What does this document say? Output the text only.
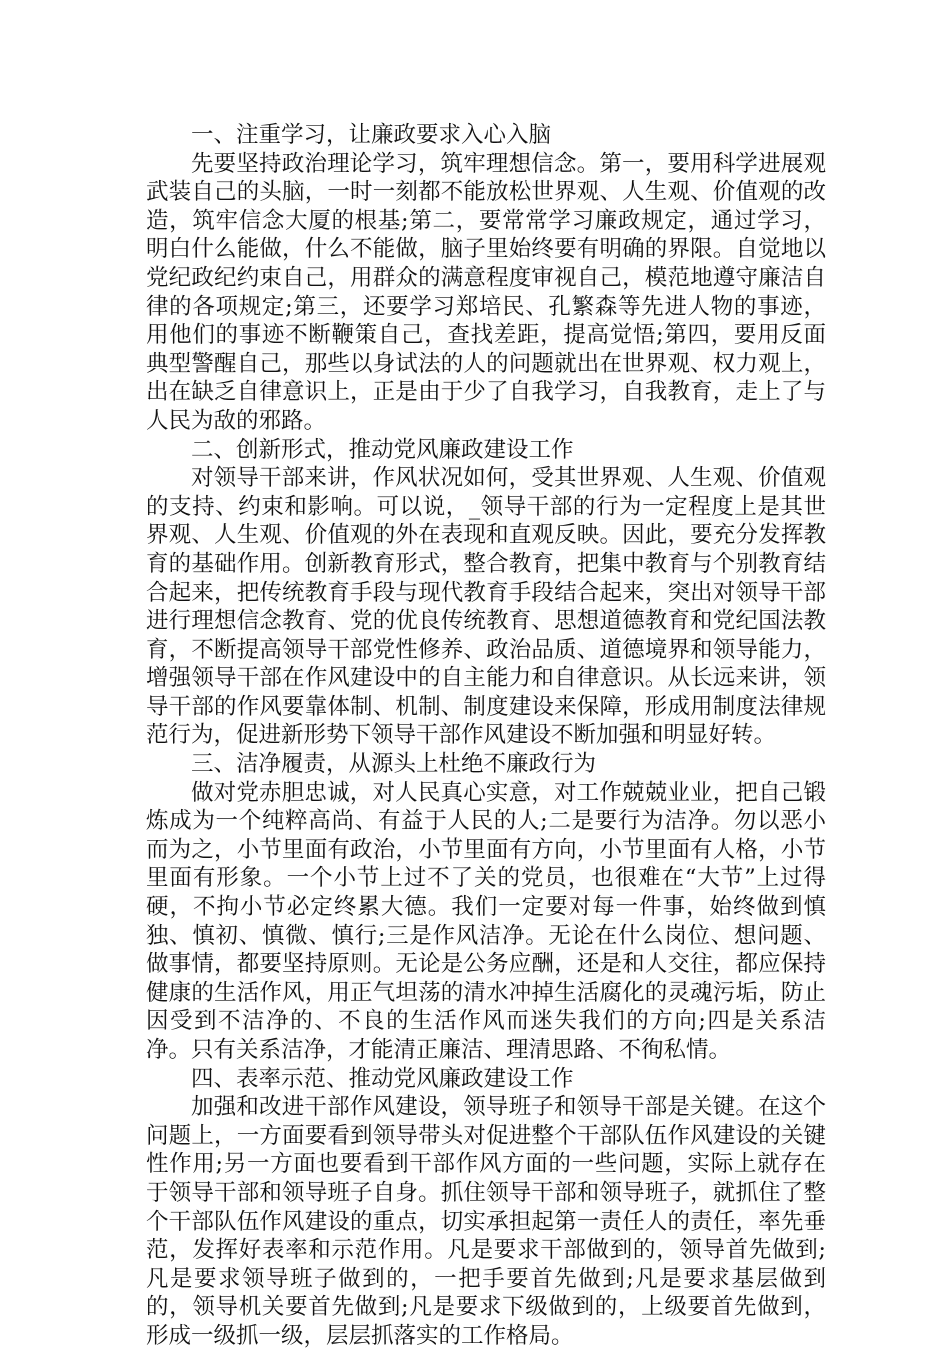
一、注重学习，让廉政要求入心入脑

先要坚持政治理论学习，筑牢理想信念。第一，要用科学进展观武装自己的头脑，一时一刻都不能放松世界观、人生观、价值观的改造，筑牢信念大厦的根基;第二，要常常学习廉政规定，通过学习，明白什么能做，什么不能做，脑子里始终要有明确的界限。自觉地以党纪政纪约束自己，用群众的满意程度审视自己，模范地遵守廉洁自律的各项规定;第三，还要学习郑培民、孔繁森等先进人物的事迹，用他们的事迹不断鞭策自己，查找差距，提高觉悟;第四，要用反面典型警醒自己，那些以身试法的人的问题就出在世界观、权力观上，出在缺乏自律意识上，正是由于少了自我学习，自我教育，走上了与人民为敌的邪路。

二、创新形式，推动党风廉政建设工作

对领导干部来讲，作风状况如何，受其世界观、人生观、价值观的支持、约束和影响。可以说，_领导干部的行为一定程度上是其世界观、人生观、价值观的外在表现和直观反映。因此，要充分发挥教育的基础作用。创新教育形式，整合教育，把集中教育与个别教育结合起来，把传统教育手段与现代教育手段结合起来，突出对领导干部进行理想信念教育、党的优良传统教育、思想道德教育和党纪国法教育，不断提高领导干部党性修养、政治品质、道德境界和领导能力，增强领导干部在作风建设中的自主能力和自律意识。从长远来讲，领导干部的作风要靠体制、机制、制度建设来保障，形成用制度法律规范行为，促进新形势下领导干部作风建设不断加强和明显好转。

三、洁净履责，从源头上杜绝不廉政行为

做对党赤胆忠诚，对人民真心实意，对工作兢兢业业，把自己锻炼成为一个纯粹高尚、有益于人民的人;二是要行为洁净。勿以恶小而为之，小节里面有政治，小节里面有方向，小节里面有人格，小节里面有形象。一个小节上过不了关的党员，也很难在“大节”上过得硬，不拘小节必定终累大德。我们一定要对每一件事，始终做到慎独、慎初、慎微、慎行;三是作风洁净。无论在什么岗位、想问题、做事情，都要坚持原则。无论是公务应酬，还是和人交往，都应保持健康的生活作风，用正气坦荡的清水冲掉生活腐化的灵魂污垢，防止因受到不洁净的、不良的生活作风而迷失我们的方向;四是关系洁净。只有关系洁净，才能清正廉洁、理清思路、不徇私情。

四、表率示范、推动党风廉政建设工作

加强和改进干部作风建设，领导班子和领导干部是关键。在这个问题上，一方面要看到领导带头对促进整个干部队伍作风建设的关键性作用;另一方面也要看到干部作风方面的一些问题，实际上就存在于领导干部和领导班子自身。抓住领导干部和领导班子，就抓住了整个干部队伍作风建设的重点，切实承担起第一责任人的责任，率先垂范，发挥好表率和示范作用。凡是要求干部做到的，领导首先做到;凡是要求领导班子做到的，一把手要首先做到;凡是要求基层做到的，领导机关要首先做到;凡是要求下级做到的，上级要首先做到，形成一级抓一级，层层抓落实的工作格局。
